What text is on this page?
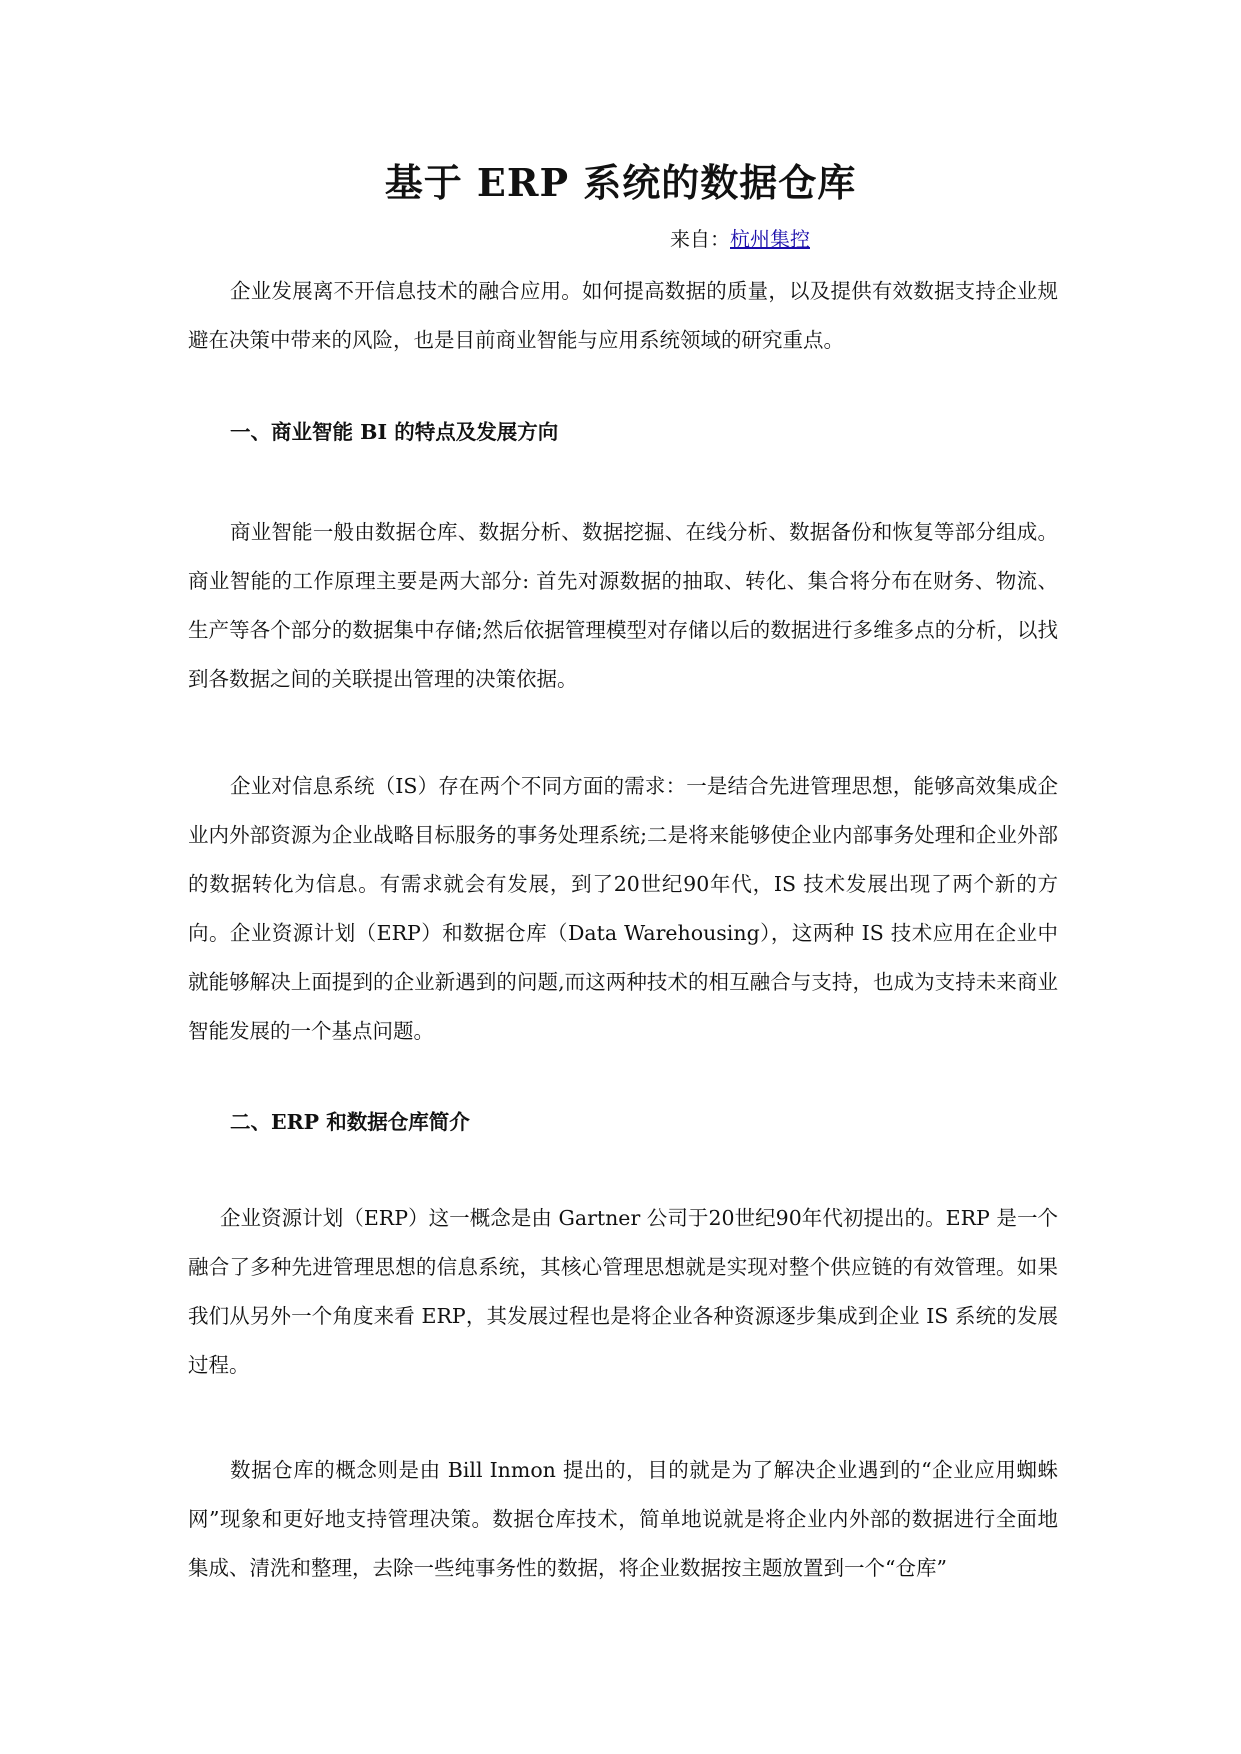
基于 ERP 系统的数据仓库
来自：杭州集控

企业发展离不开信息技术的融合应用。如何提高数据的质量，以及提供有效数据支持企业规避在决策中带来的风险，也是目前商业智能与应用系统领域的研究重点。

一、商业智能 BI 的特点及发展方向

商业智能一般由数据仓库、数据分析、数据挖掘、在线分析、数据备份和恢复等部分组成。商业智能的工作原理主要是两大部分: 首先对源数据的抽取、转化、集合将分布在财务、物流、生产等各个部分的数据集中存储;然后依据管理模型对存储以后的数据进行多维多点的分析，以找到各数据之间的关联提出管理的决策依据。

企业对信息系统（IS）存在两个不同方面的需求：一是结合先进管理思想，能够高效集成企业内外部资源为企业战略目标服务的事务处理系统;二是将来能够使企业内部事务处理和企业外部的数据转化为信息。有需求就会有发展，到了20世纪90年代，IS 技术发展出现了两个新的方向。企业资源计划（ERP）和数据仓库（Data Warehousing），这两种 IS 技术应用在企业中就能够解决上面提到的企业新遇到的问题,而这两种技术的相互融合与支持，也成为支持未来商业智能发展的一个基点问题。

二、ERP 和数据仓库简介

企业资源计划（ERP）这一概念是由 Gartner 公司于20世纪90年代初提出的。ERP 是一个融合了多种先进管理思想的信息系统，其核心管理思想就是实现对整个供应链的有效管理。如果我们从另外一个角度来看 ERP，其发展过程也是将企业各种资源逐步集成到企业 IS 系统的发展过程。

数据仓库的概念则是由 Bill Inmon 提出的，目的就是为了解决企业遇到的“企业应用蜘蛛网”现象和更好地支持管理决策。数据仓库技术，简单地说就是将企业内外部的数据进行全面地集成、清洗和整理，去除一些纯事务性的数据，将企业数据按主题放置到一个“仓库”
